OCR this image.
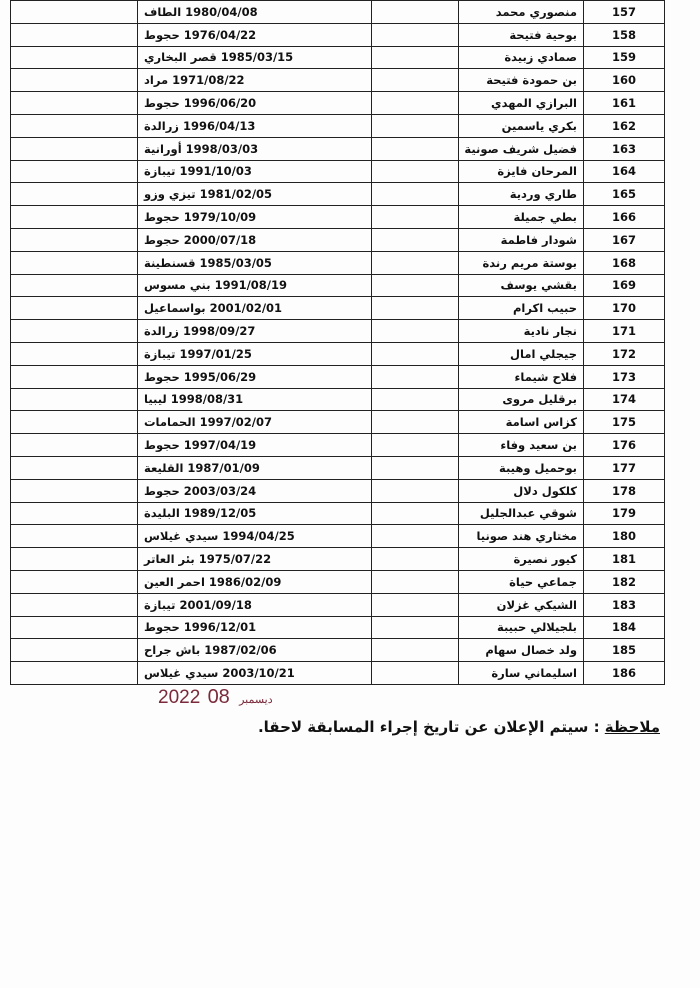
157	منصوري محمد		1980/04/08 الطاف	
158	بوحية فتيحة		1976/04/22 حجوط	
159	صمادي زبيدة		1985/03/15 قصر البخاري	
160	بن حمودة فتيحة		1971/08/22 مراد	
161	البرازي المهدي		1996/06/20 حجوط	
162	بكري ياسمين		1996/04/13 زرالدة	
163	فضيل شريف صونية		1998/03/03 أورانية	
164	المرحان فايزة		1991/10/03 تيبازة	
165	طاري وردية		1981/02/05 تيزي وزو	
166	بطي جميلة		1979/10/09 حجوط	
167	شودار فاطمة		2000/07/18 حجوط	
168	بوستة مريم رندة		1985/03/05 قسنطينة	
169	بقشي يوسف		1991/08/19 بني مسوس	
170	حبيب اكرام		2001/02/01 بواسماعيل	
171	نجار نادية		1998/09/27 زرالدة	
172	جيجلي امال		1997/01/25 تيبازة	
173	فلاح شيماء		1995/06/29 حجوط	
174	برقليل مروى		1998/08/31 ليبيا	
175	كزاس اسامة		1997/02/07 الحمامات	
176	بن سعيد وفاء		1997/04/19 حجوط	
177	بوحميل وهيبة		1987/01/09 القليعة	
178	كلكول دلال		2003/03/24 حجوط	
179	شوقي عبدالجليل		1989/12/05 البليدة	
180	مختاري هند صونيا		1994/04/25 سيدي غيلاس	
181	كيور نصيرة		1975/07/22 بئر العاتر	
182	جماعي حياة		1986/02/09 احمر العين	
183	الشيكي غزلان		2001/09/18 تيبازة	
184	بلجيلالي حبيبة		1996/12/01 حجوط	
185	ولد خصال سهام		1987/02/06 باش جراح	
186	اسليماني سارة		2003/10/21 سيدي غيلاس	
2022	ديسمبر 08
ملاحظة : سيتم الإعلان عن تاريخ إجراء المسابقة لاحقا.
